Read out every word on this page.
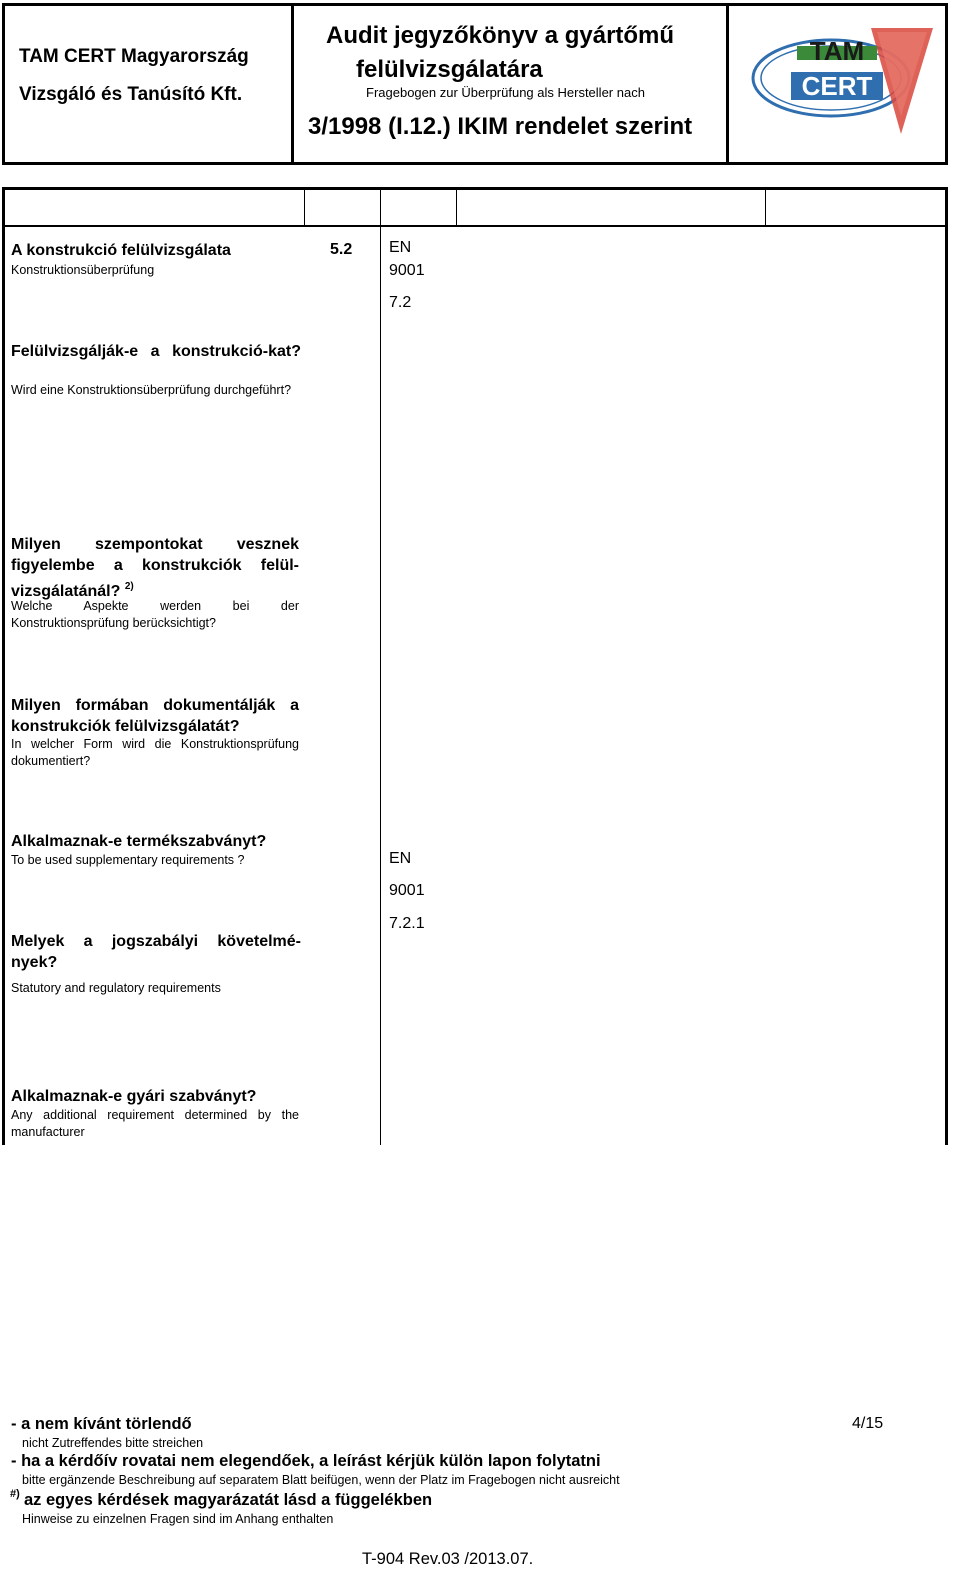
TAM CERT Magyarország
Vizsgáló és Tanúsító Kft.
Audit jegyzőkönyv a gyártőmű
felülvizsgálatára
Fragebogen zur Überprüfung als Hersteller nach
3/1998 (I.12.) IKIM rendelet szerint
TAM
CERT
A konstrukció felülvizsgálata
Konstruktionsüberprüfung
5.2 EN
9001
7.2
Felülvizsgálják-e a konstrukció-kat?
Wird eine Konstruktionsüberprüfung durchgeführt?
Milyen szempontokat vesznek figyelembe a konstrukciók felül-vizsgálatánál? $^{2)}$
Welche Aspekte werden bei der Konstruktionsprüfung berücksichtigt?
Milyen formában dokumentálják a konstrukciók felülvizsgálatát?
In welcher Form wird die Konstruktionsprüfung dokumentiert?
Alkalmaznak-e termékszabványt?
To be used supplementary requirements ?	EN
9001
7.2.1
Melyek a jogszabályi követelmé-nyek?
Statutory and regulatory requirements
Alkalmaznak-e gyári szabványt?
Any additional requirement determined by the manufacturer
- a nem kívánt törlendő
nicht Zutreffendes bitte streichen
4/15
- ha a kérdőív rovatai nem elegendőek, a leírást kérjük külön lapon folytatni
bitte ergänzende Beschreibung auf separatem Blatt beifügen, wenn der Platz im Fragebogen nicht ausreicht
#) az egyes kérdések magyarázatát lásd a függelékben
Hinweise zu einzelnen Fragen sind im Anhang enthalten
T-904 Rev.03 /2013.07.
